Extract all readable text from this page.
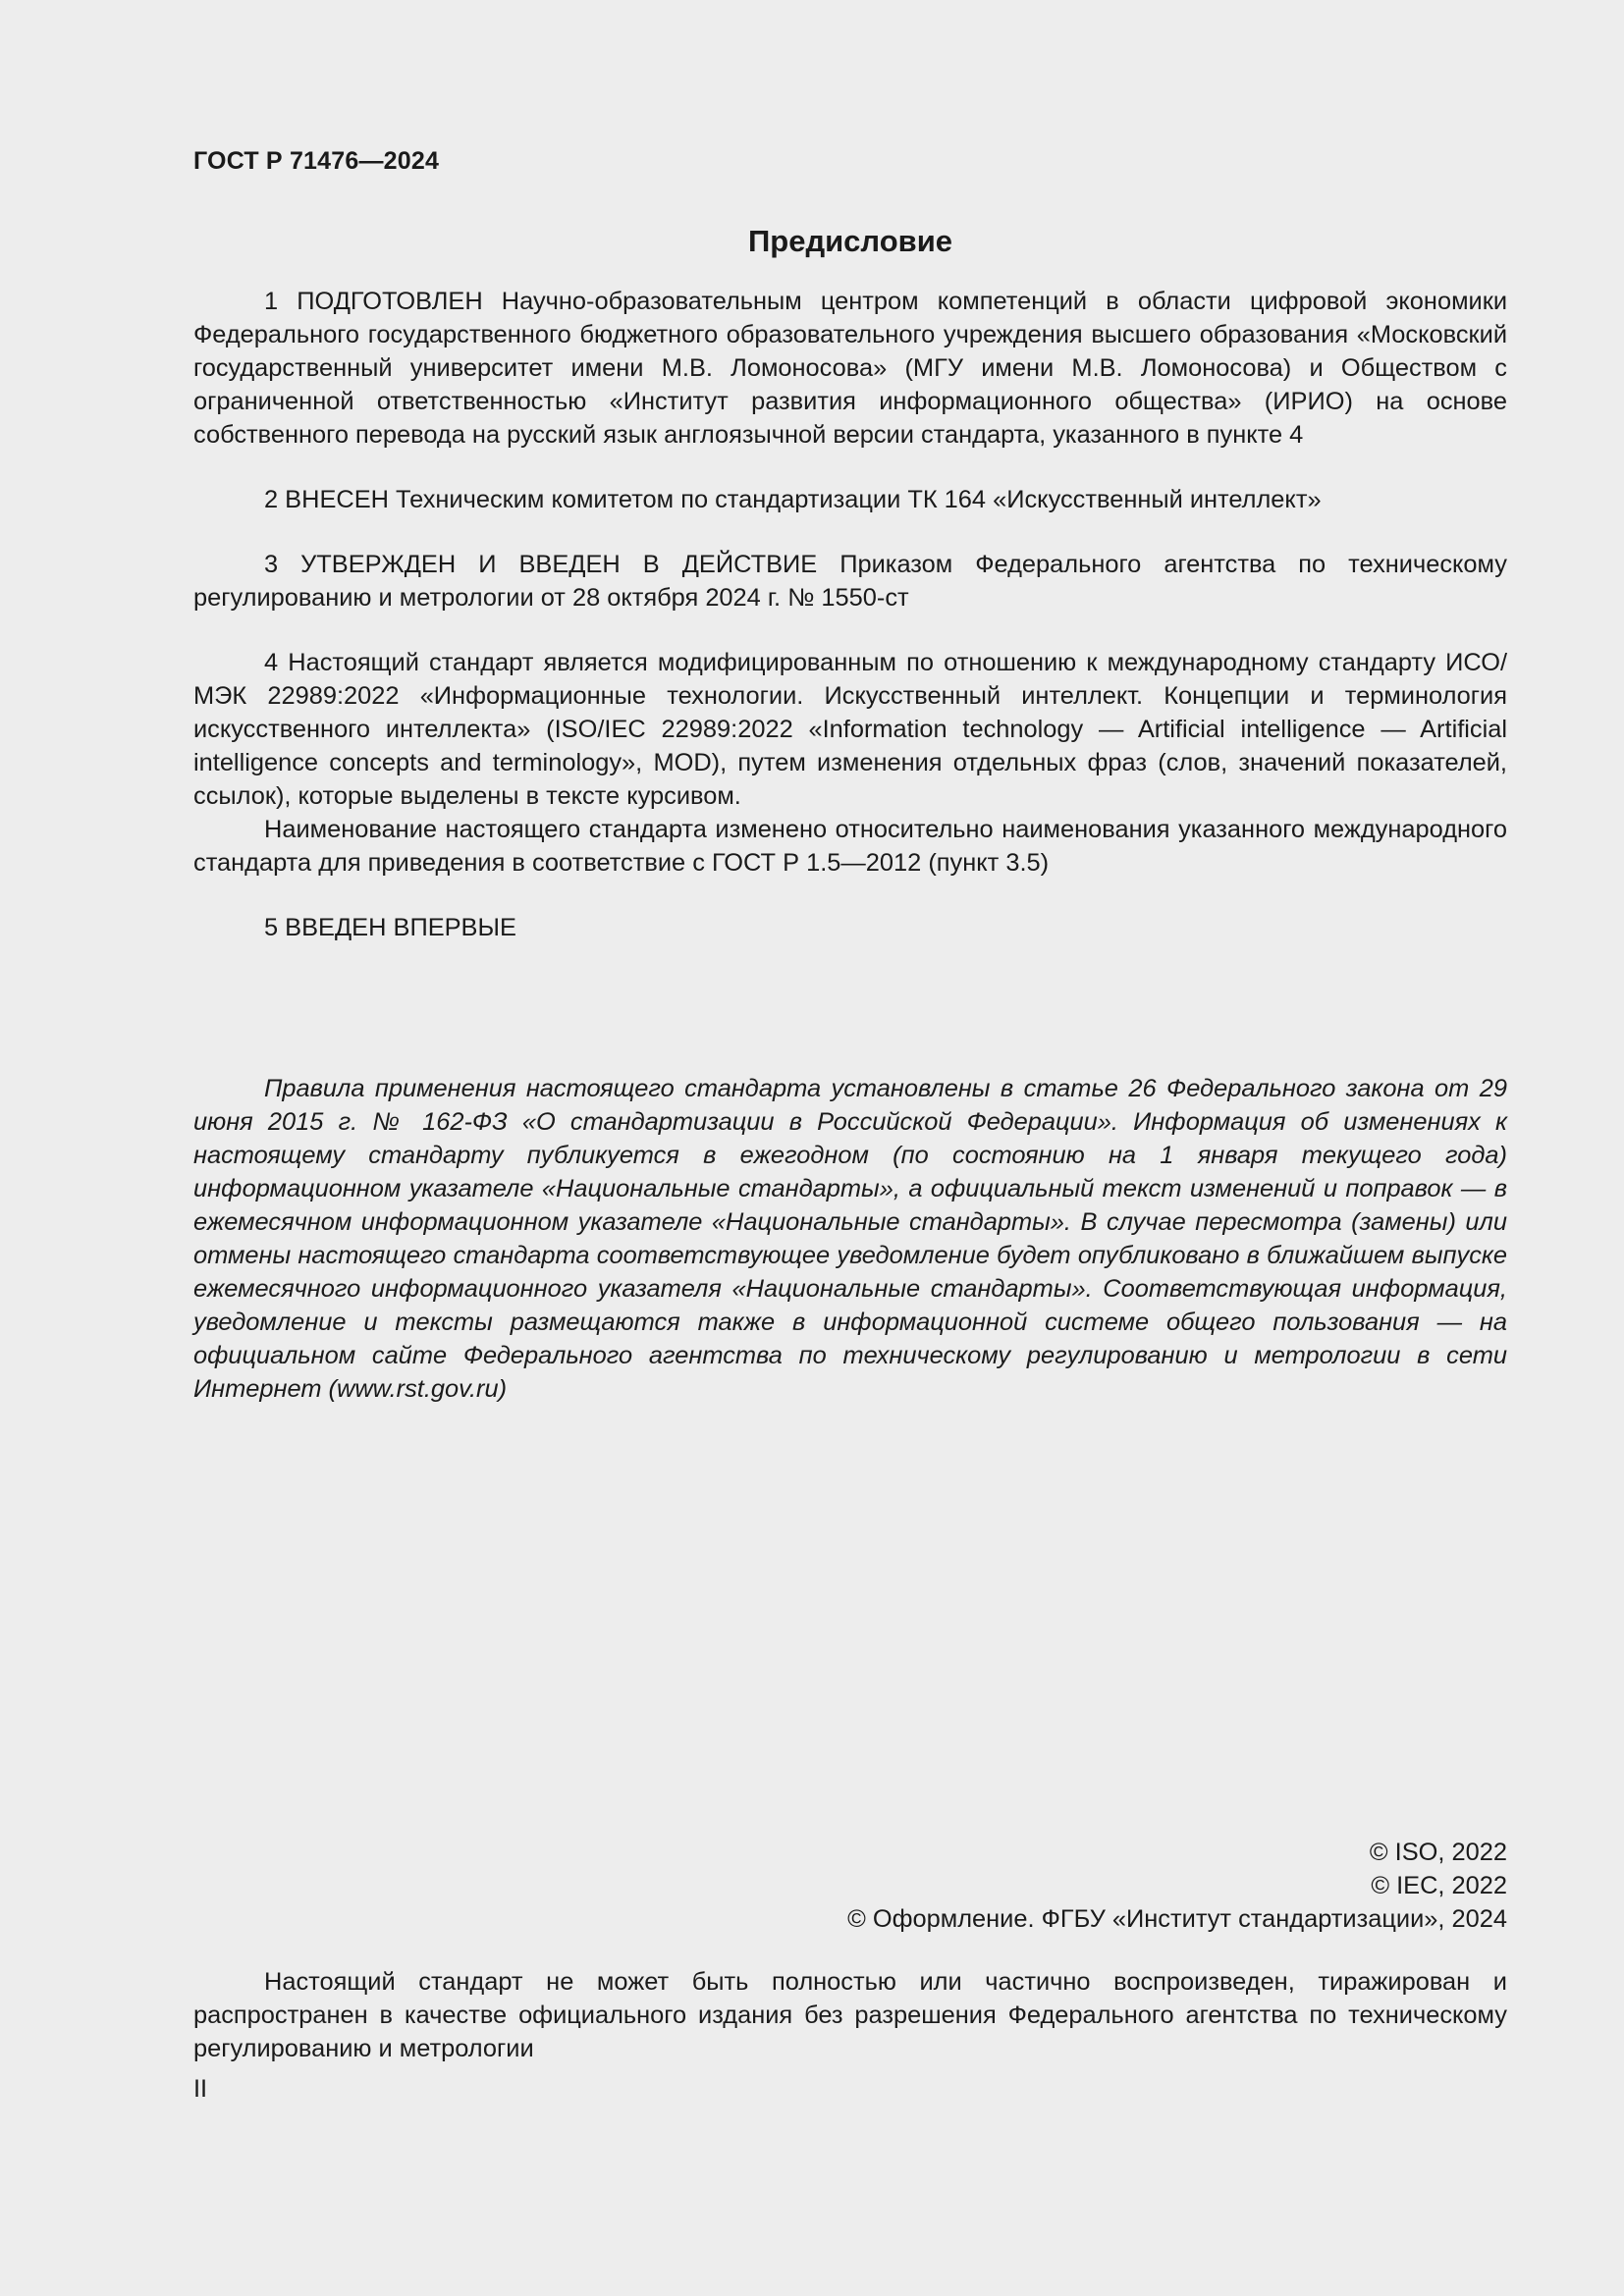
ГОСТ Р 71476—2024
Предисловие

1 ПОДГОТОВЛЕН Научно-образовательным центром компетенций в области цифровой экономики Федерального государственного бюджетного образовательного учреждения высшего образования «Московский государственный университет имени М.В. Ломоносова» (МГУ имени М.В. Ломоносова) и Обществом с ограниченной ответственностью «Институт развития информационного общества» (ИРИО) на основе собственного перевода на русский язык англоязычной версии стандарта, указанного в пункте 4

2 ВНЕСЕН Техническим комитетом по стандартизации ТК 164 «Искусственный интеллект»

3 УТВЕРЖДЕН И ВВЕДЕН В ДЕЙСТВИЕ Приказом Федерального агентства по техническому регулированию и метрологии от 28 октября 2024 г. № 1550-ст

4 Настоящий стандарт является модифицированным по отношению к международному стандарту ИСО/МЭК 22989:2022 «Информационные технологии. Искусственный интеллект. Концепции и терминология искусственного интеллекта» (ISO/IEC 22989:2022 «Information technology — Artificial intelligence — Artificial intelligence concepts and terminology», MOD), путем изменения отдельных фраз (слов, значений показателей, ссылок), которые выделены в тексте курсивом.

Наименование настоящего стандарта изменено относительно наименования указанного международного стандарта для приведения в соответствие с ГОСТ Р 1.5—2012 (пункт 3.5)

5 ВВЕДЕН ВПЕРВЫЕ

Правила применения настоящего стандарта установлены в статье 26 Федерального закона от 29 июня 2015 г. № 162-ФЗ «О стандартизации в Российской Федерации». Информация об изменениях к настоящему стандарту публикуется в ежегодном (по состоянию на 1 января текущего года) информационном указателе «Национальные стандарты», а официальный текст изменений и поправок — в ежемесячном информационном указателе «Национальные стандарты». В случае пересмотра (замены) или отмены настоящего стандарта соответствующее уведомление будет опубликовано в ближайшем выпуске ежемесячного информационного указателя «Национальные стандарты». Соответствующая информация, уведомление и тексты размещаются также в информационной системе общего пользования — на официальном сайте Федерального агентства по техническому регулированию и метрологии в сети Интернет (www.rst.gov.ru)

© ISO, 2022
© IEC, 2022
© Оформление. ФГБУ «Институт стандартизации», 2024

Настоящий стандарт не может быть полностью или частично воспроизведен, тиражирован и распространен в качестве официального издания без разрешения Федерального агентства по техническому регулированию и метрологии

II
